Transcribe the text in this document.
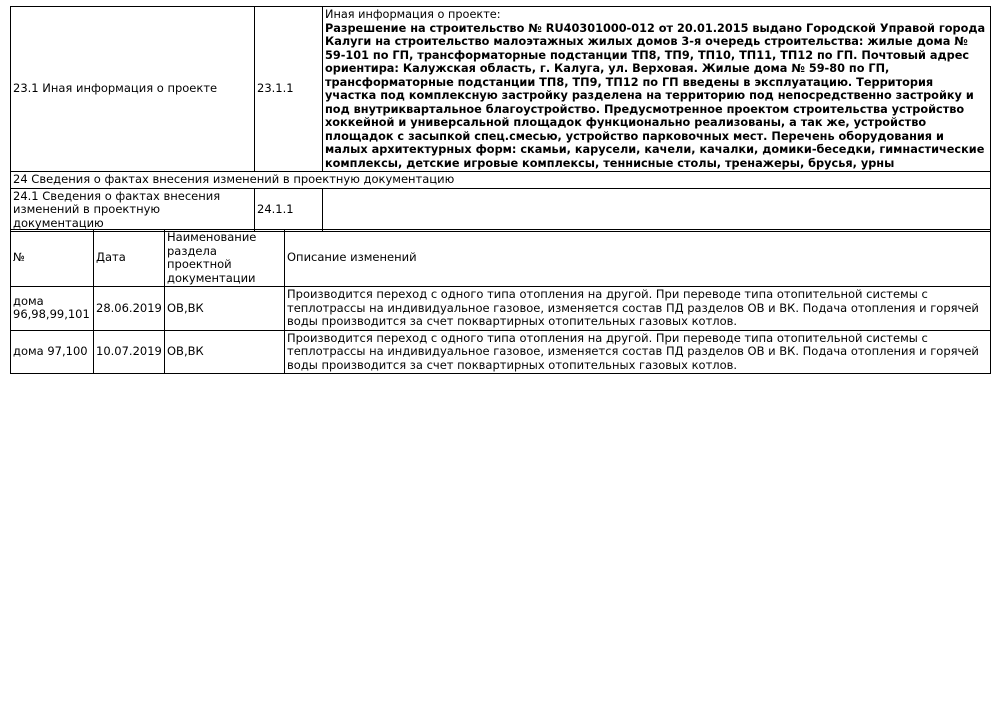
23.1 Иная информация о проекте	23.1.1	Иная информация о проекте:
Разрешение на строительство № RU40301000-012 от 20.01.2015 выдано Городской Управой города Калуги на строительство малоэтажных жилых домов 3-я очередь строительства: жилые дома № 59-101 по ГП, трансформаторные подстанции ТП8, ТП9, ТП10, ТП11, ТП12 по ГП. Почтовый адрес ориентира: Калужская область, г. Калуга, ул. Верховая. Жилые дома № 59-80 по ГП, трансформаторные подстанции ТП8, ТП9, ТП12 по ГП введены в эксплуатацию. Территория участка под комплексную застройку разделена на территорию под непосредственно застройку и под внутриквартальное благоустройство. Предусмотренное проектом строительства устройство хоккейной и универсальной площадок функционально реализованы, а так же, устройство площадок с засыпкой спец.смесью, устройство парковочных мест. Перечень оборудования и малых архитектурных форм: скамьи, карусели, качели, качалки, домики-беседки, гимнастические комплексы, детские игровые комплексы, теннисные столы, тренажеры, брусья, урны

24 Сведения о фактах внесения изменений в проектную документацию		
24.1 Сведения о фактах внесения изменений в проектную документацию	24.1.1	
№	Дата	Наименование раздела проектной документации	Описание изменений
дома 96,98,99,101	28.06.2019	ОВ,ВК	Производится переход с одного типа отопления на другой. При переводе типа отопительной системы с теплотрассы на индивидуальное газовое, изменяется состав ПД разделов ОВ и ВК. Подача отопления и горячей воды производится за счет поквартирных отопительных газовых котлов.
дома 97,100	10.07.2019	ОВ,ВК	Производится переход с одного типа отопления на другой. При переводе типа отопительной системы с теплотрассы на индивидуальное газовое, изменяется состав ПД разделов ОВ и ВК. Подача отопления и горячей воды производится за счет поквартирных отопительных газовых котлов.
